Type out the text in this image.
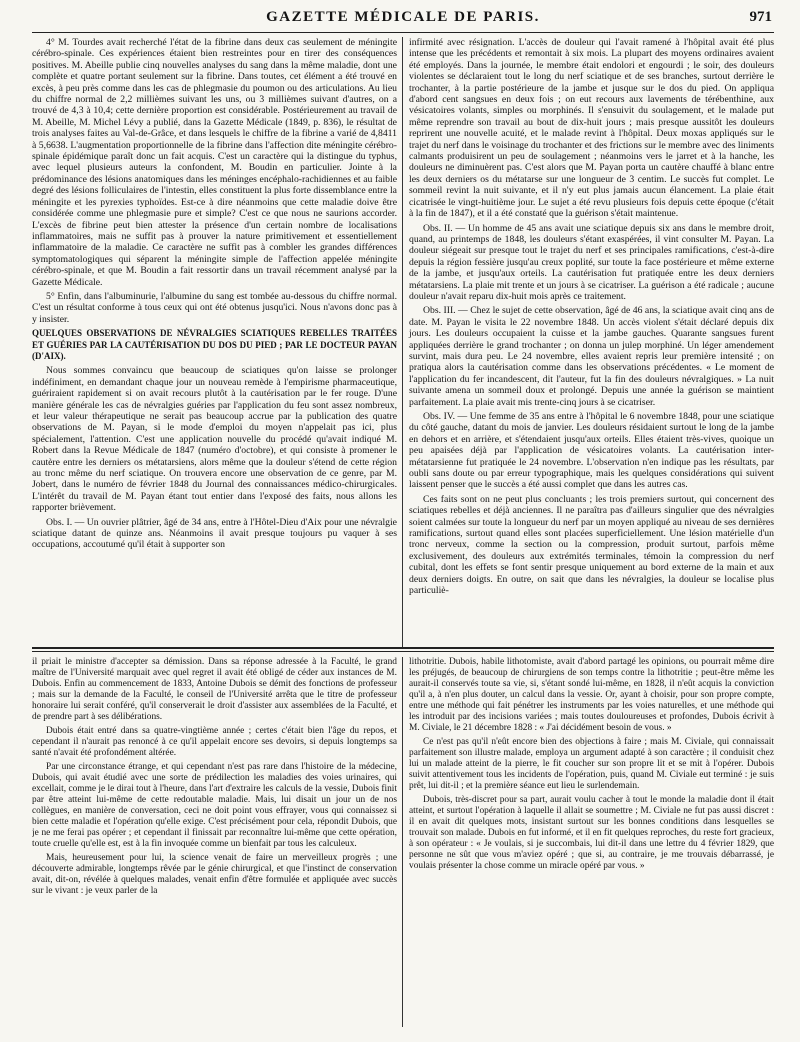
GAZETTE MÉDICALE DE PARIS.	971

4° M. Tourdes avait recherché l'état de la fibrine dans deux cas seulement de méningite cérébro-spinale. Ces expériences étaient bien restreintes pour en tirer des conséquences positives. M. Abeille publie cinq nouvelles analyses du sang dans la même maladie, dont une complète et quatre portant seulement sur la fibrine. Dans toutes, cet élément a été trouvé en excès, à peu près comme dans les cas de phlegmasie du poumon ou des articulations. Au lieu du chiffre normal de 2,2 millièmes suivant les uns, ou 3 millièmes suivant d'autres, on a trouvé de 4,3 à 10,4; cette dernière proportion est considérable. Postérieurement au travail de M. Abeille, M. Michel Lévy a publié, dans la Gazette Médicale (1849, p. 836), le résultat de trois analyses faites au Val-de-Grâce, et dans lesquels le chiffre de la fibrine a varié de 4,8411 à 5,6638. L'augmentation proportionnelle de la fibrine dans l'affection dite méningite cérébro-spinale épidémique paraît donc un fait acquis. C'est un caractère qui la distingue du typhus, avec lequel plusieurs auteurs la confondent, M. Boudin en particulier. Jointe à la prédominance des lésions anatomiques dans les méninges encéphalo-rachidiennes et au faible degré des lésions folliculaires de l'intestin, elles constituent la plus forte dissemblance entre la méningite et les pyrexies typhoïdes. Est-ce à dire néanmoins que cette maladie doive être considérée comme une phlegmasie pure et simple? C'est ce que nous ne saurions accorder. L'excès de fibrine peut bien attester la présence d'un certain nombre de localisations inflammatoires, mais ne suffit pas à prouver la nature primitivement et essentiellement inflammatoire de la maladie. Ce caractère ne suffit pas à combler les grandes différences symptomatologiques qui séparent la méningite simple de l'affection appelée méningite cérébro-spinale, et que M. Boudin a fait ressortir dans un travail récemment analysé par la Gazette Médicale.

5° Enfin, dans l'albuminurie, l'albumine du sang est tombée au-dessous du chiffre normal. C'est un résultat conforme à tous ceux qui ont été obtenus jusqu'ici. Nous n'avons donc pas à y insister.

QUELQUES OBSERVATIONS DE NÉVRALGIES SCIATIQUES REBELLES TRAITÉES ET GUÉRIES PAR LA CAUTÉRISATION DU DOS DU PIED ; PAR LE DOCTEUR PAYAN (D'AIX).

Nous sommes convaincu que beaucoup de sciatiques qu'on laisse se prolonger indéfiniment, en demandant chaque jour un nouveau remède à l'empirisme pharmaceutique, guériraient rapidement si on avait recours plutôt à la cautérisation par le fer rouge. D'une manière générale les cas de névralgies guéries par l'application du feu sont assez nombreux, et leur valeur thérapeutique ne serait pas beaucoup accrue par la publication des quatre observations de M. Payan, si le mode d'emploi du moyen n'appelait pas ici, plus spécialement, l'attention. C'est une application nouvelle du procédé qu'avait indiqué M. Robert dans la Revue Médicale de 1847 (numéro d'octobre), et qui consiste à promener le cautère entre les derniers os métatarsiens, alors même que la douleur s'étend de cette région au tronc même du nerf sciatique. On trouvera encore une observation de ce genre, par M. Jobert, dans le numéro de février 1848 du Journal des connaissances médico-chirurgicales. L'intérêt du travail de M. Payan étant tout entier dans l'exposé des faits, nous allons les rapporter brièvement.

Obs. I. — Un ouvrier plâtrier, âgé de 34 ans, entre à l'Hôtel-Dieu d'Aix pour une névralgie sciatique datant de quinze ans. Néanmoins il avait presque toujours pu vaquer à ses occupations, accoutumé qu'il était à supporter son

infirmité avec résignation. L'accès de douleur qui l'avait ramené à l'hôpital avait été plus intense que les précédents et remontait à six mois. La plupart des moyens ordinaires avaient été employés. Dans la journée, le membre était endolori et engourdi ; le soir, des douleurs violentes se déclaraient tout le long du nerf sciatique et de ses branches, surtout derrière le trochanter, à la partie postérieure de la jambe et jusque sur le dos du pied. On appliqua d'abord cent sangsues en deux fois ; on eut recours aux lavements de térébenthine, aux vésicatoires volants, simples ou morphinés. Il s'ensuivit du soulagement, et le malade put même reprendre son travail au bout de dix-huit jours ; mais presque aussitôt les douleurs reprirent une nouvelle acuité, et le malade revint à l'hôpital. Deux moxas appliqués sur le trajet du nerf dans le voisinage du trochanter et des frictions sur le membre avec des liniments calmants produisirent un peu de soulagement ; néanmoins vers le jarret et à la hanche, les douleurs ne diminuèrent pas. C'est alors que M. Payan porta un cautère chauffé à blanc entre les deux derniers os du métatarse sur une longueur de 3 centim. Le succès fut complet. Le sommeil revint la nuit suivante, et il n'y eut plus jamais aucun élancement. La plaie était cicatrisée le vingt-huitième jour. Le sujet a été revu plusieurs fois depuis cette époque (c'était à la fin de 1847), et il a été constaté que la guérison s'était maintenue.

Obs. II. — Un homme de 45 ans avait une sciatique depuis six ans dans le membre droit, quand, au printemps de 1848, les douleurs s'étant exaspérées, il vint consulter M. Payan. La douleur siégeait sur presque tout le trajet du nerf et ses principales ramifications, c'est-à-dire depuis la région fessière jusqu'au creux poplité, sur toute la face postérieure et même externe de la jambe, et jusqu'aux orteils. La cautérisation fut pratiquée entre les deux derniers métatarsiens. La plaie mit trente et un jours à se cicatriser. La guérison a été radicale ; aucune douleur n'avait reparu dix-huit mois après ce traitement.

Obs. III. — Chez le sujet de cette observation, âgé de 46 ans, la sciatique avait cinq ans de date. M. Payan le visita le 22 novembre 1848. Un accès violent s'était déclaré depuis dix jours. Les douleurs occupaient la cuisse et la jambe gauches. Quarante sangsues furent appliquées derrière le grand trochanter ; on donna un julep morphiné. Un léger amendement survint, mais dura peu. Le 24 novembre, elles avaient repris leur première intensité ; on pratiqua alors la cautérisation comme dans les observations précédentes. « Le moment de l'application du fer incandescent, dit l'auteur, fut la fin des douleurs névralgiques. » La nuit suivante amena un sommeil doux et prolongé. Depuis une année la guérison se maintient parfaitement. La plaie avait mis trente-cinq jours à se cicatriser.

Obs. IV. — Une femme de 35 ans entre à l'hôpital le 6 novembre 1848, pour une sciatique du côté gauche, datant du mois de janvier. Les douleurs résidaient surtout le long de la jambe en dehors et en arrière, et s'étendaient jusqu'aux orteils. Elles étaient très-vives, quoique un peu apaisées déjà par l'application de vésicatoires volants. La cautérisation inter-métatarsienne fut pratiquée le 24 novembre. L'observation n'en indique pas les résultats, par oubli sans doute ou par erreur typographique, mais les quelques considérations qui suivent laissent penser que le succès a été aussi complet que dans les autres cas.

Ces faits sont on ne peut plus concluants ; les trois premiers surtout, qui concernent des sciatiques rebelles et déjà anciennes. Il ne paraîtra pas d'ailleurs singulier que des névralgies soient calmées sur toute la longueur du nerf par un moyen appliqué au niveau de ses dernières ramifications, surtout quand elles sont placées superficiellement. Une lésion matérielle d'un tronc nerveux, comme la section ou la compression, produit surtout, parfois même exclusivement, des douleurs aux extrémités terminales, témoin la compression du nerf cubital, dont les effets se font sentir presque uniquement au bord externe de la main et aux deux derniers doigts. En outre, on sait que dans les névralgies, la douleur se localise plus particuliè-

il priait le ministre d'accepter sa démission. Dans sa réponse adressée à la Faculté, le grand maître de l'Université marquait avec quel regret il avait été obligé de céder aux instances de M. Dubois. Enfin au commencement de 1833, Antoine Dubois se démit des fonctions de professeur ; mais sur la demande de la Faculté, le conseil de l'Université arrêta que le titre de professeur honoraire lui serait conféré, qu'il conserverait le droit d'assister aux assemblées de la Faculté, et de prendre part à ses délibérations.

Dubois était entré dans sa quatre-vingtième année ; certes c'était bien l'âge du repos, et cependant il n'aurait pas renoncé à ce qu'il appelait encore ses devoirs, si depuis longtemps sa santé n'avait été profondément altérée.

Par une circonstance étrange, et qui cependant n'est pas rare dans l'histoire de la médecine, Dubois, qui avait étudié avec une sorte de prédilection les maladies des voies urinaires, qui excellait, comme je le dirai tout à l'heure, dans l'art d'extraire les calculs de la vessie, Dubois finit par être atteint lui-même de cette redoutable maladie. Mais, lui disait un jour un de nos collègues, en manière de conversation, ceci ne doit point vous effrayer, vous qui connaissez si bien cette maladie et l'opération qu'elle exige. C'est précisément pour cela, répondit Dubois, que je ne me ferai pas opérer ; et cependant il finissait par reconnaître lui-même que cette opération, toute cruelle qu'elle est, est à la fin invoquée comme un bienfait par tous les calculeux.

Mais, heureusement pour lui, la science venait de faire un merveilleux progrès ; une découverte admirable, longtemps rêvée par le génie chirurgical, et que l'instinct de conservation avait, dit-on, révélée à quelques malades, venait enfin d'être formulée et appliquée avec succès sur le vivant : je veux parler de la

lithotritie. Dubois, habile lithotomiste, avait d'abord partagé les opinions, ou pourrait même dire les préjugés, de beaucoup de chirurgiens de son temps contre la lithotritie ; peut-être même les aurait-il conservés toute sa vie, si, s'étant sondé lui-même, en 1828, il n'eût acquis la conviction qu'il a, à n'en plus douter, un calcul dans la vessie. Or, ayant à choisir, pour son propre compte, entre une méthode qui fait pénétrer les instruments par les voies naturelles, et une méthode qui les introduit par des incisions variées ; mais toutes douloureuses et profondes, Dubois écrivit à M. Civiale, le 21 décembre 1828 : « J'ai décidément besoin de vous. »

Ce n'est pas qu'il n'eût encore bien des objections à faire ; mais M. Civiale, qui connaissait parfaitement son illustre malade, employa un argument adapté à son caractère ; il conduisit chez lui un malade atteint de la pierre, le fit coucher sur son propre lit et se mit à l'opérer. Dubois suivit attentivement tous les incidents de l'opération, puis, quand M. Civiale eut terminé : je suis prêt, lui dit-il ; et la première séance eut lieu le surlendemain.

Dubois, très-discret pour sa part, aurait voulu cacher à tout le monde la maladie dont il était atteint, et surtout l'opération à laquelle il allait se soumettre ; M. Civiale ne fut pas aussi discret : il en avait dit quelques mots, insistant surtout sur les bonnes conditions dans lesquelles se trouvait son malade. Dubois en fut informé, et il en fit quelques reproches, du reste fort gracieux, à son opérateur : « Je voulais, si je succombais, lui dit-il dans une lettre du 4 février 1829, que personne ne sût que vous m'aviez opéré ; que si, au contraire, je me trouvais débarrassé, je voulais présenter la chose comme un miracle opéré par vous. »
